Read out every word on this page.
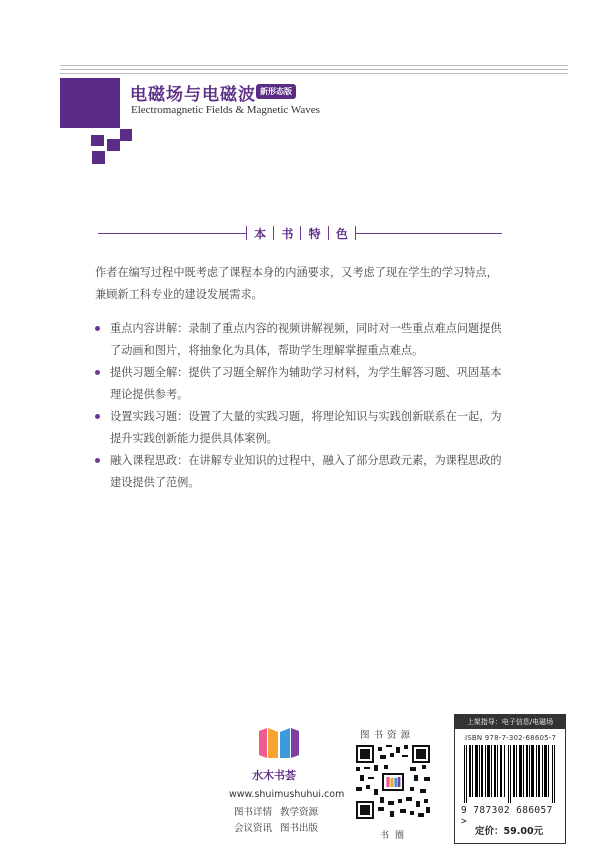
电磁场与电磁波 新形态版
Electromagnetic Fields & Magnetic Waves
本 书 特 色
作者在编写过程中既考虑了课程本身的内涵要求，又考虑了现在学生的学习特点，兼顾新工科专业的建设发展需求。
重点内容讲解：录制了重点内容的视频讲解视频，同时对一些重点难点问题提供了动画和图片，将抽象化为具体，帮助学生理解掌握重点难点。
提供习题全解：提供了习题全解作为辅助学习材料，为学生解答习题、巩固基本理论提供参考。
设置实践习题：设置了大量的实践习题，将理论知识与实践创新联系在一起，为提升实践创新能力提供具体案例。
融入课程思政：在讲解专业知识的过程中，融入了部分思政元素，为课程思政的建设提供了范例。
水木书荟
www.shuimushuhui.com
图书详情 教学资源
会议资讯 图书出版
图书资源
书圈
上架指导：电子信息/电磁场
ISBN 978-7-302-68605-7
9 787302 686057 >
定价：59.00元
